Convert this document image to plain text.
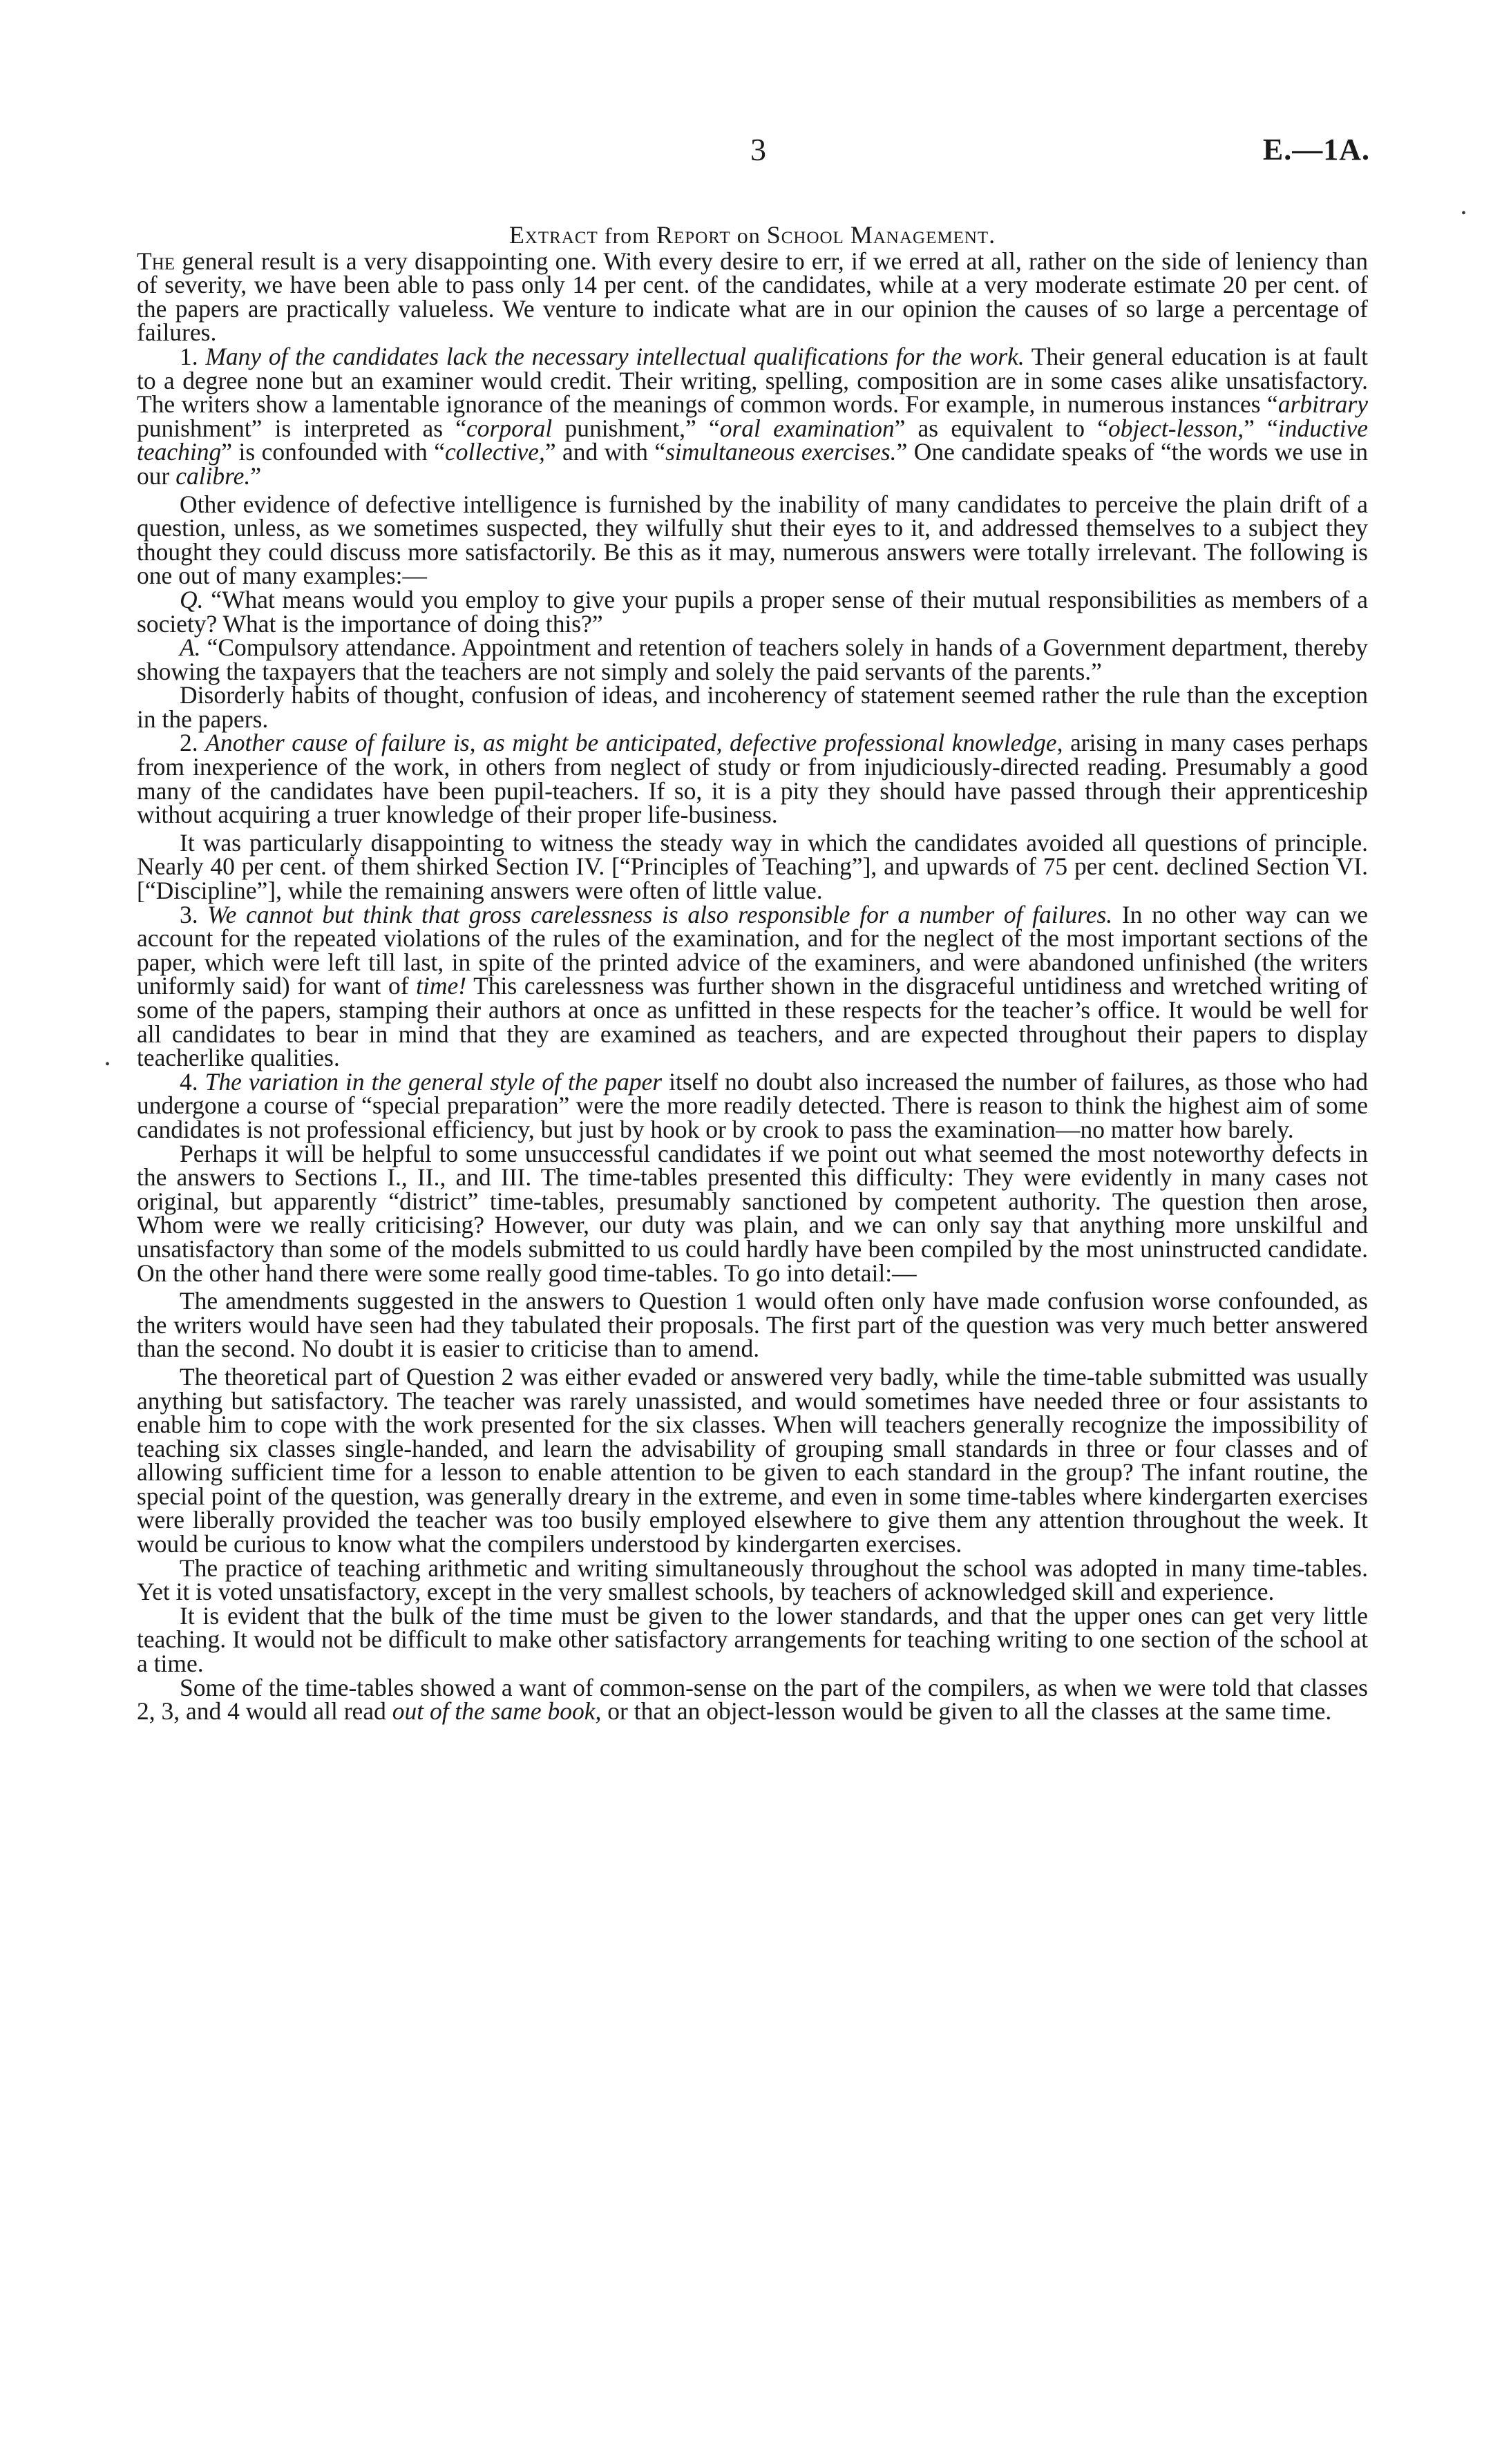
3	E.—1A.
Extract from Report on School Management.

The general result is a very disappointing one. With every desire to err, if we erred at all, rather on the side of leniency than of severity, we have been able to pass only 14 per cent. of the candidates, while at a very moderate estimate 20 per cent. of the papers are practically valueless. We venture to indicate what are in our opinion the causes of so large a percentage of failures.

1. Many of the candidates lack the necessary intellectual qualifications for the work. Their general education is at fault to a degree none but an examiner would credit. Their writing, spelling, composition are in some cases alike unsatisfactory. The writers show a lamentable ignorance of the meanings of common words. For example, in numerous instances “arbitrary punishment” is interpreted as “corporal punishment,” “oral examination” as equivalent to “object-lesson,” “inductive teaching” is confounded with “collective,” and with “simultaneous exercises.” One candidate speaks of “the words we use in our calibre.”

Other evidence of defective intelligence is furnished by the inability of many candidates to perceive the plain drift of a question, unless, as we sometimes suspected, they wilfully shut their eyes to it, and addressed themselves to a subject they thought they could discuss more satisfactorily. Be this as it may, numerous answers were totally irrelevant. The following is one out of many examples:—

Q. “What means would you employ to give your pupils a proper sense of their mutual responsibilities as members of a society? What is the importance of doing this?”

A. “Compulsory attendance. Appointment and retention of teachers solely in hands of a Government department, thereby showing the taxpayers that the teachers are not simply and solely the paid servants of the parents.”

Disorderly habits of thought, confusion of ideas, and incoherency of statement seemed rather the rule than the exception in the papers.

2. Another cause of failure is, as might be anticipated, defective professional knowledge, arising in many cases perhaps from inexperience of the work, in others from neglect of study or from injudiciously-directed reading. Presumably a good many of the candidates have been pupil-teachers. If so, it is a pity they should have passed through their apprenticeship without acquiring a truer knowledge of their proper life-business.

It was particularly disappointing to witness the steady way in which the candidates avoided all questions of principle. Nearly 40 per cent. of them shirked Section IV. [“Principles of Teaching”], and upwards of 75 per cent. declined Section VI. [“Discipline”], while the remaining answers were often of little value.

3. We cannot but think that gross carelessness is also responsible for a number of failures. In no other way can we account for the repeated violations of the rules of the examination, and for the neglect of the most important sections of the paper, which were left till last, in spite of the printed advice of the examiners, and were abandoned unfinished (the writers uniformly said) for want of time! This carelessness was further shown in the disgraceful untidiness and wretched writing of some of the papers, stamping their authors at once as unfitted in these respects for the teacher’s office. It would be well for all candidates to bear in mind that they are examined as teachers, and are expected throughout their papers to display teacherlike qualities.

4. The variation in the general style of the paper itself no doubt also increased the number of failures, as those who had undergone a course of “special preparation” were the more readily detected. There is reason to think the highest aim of some candidates is not professional efficiency, but just by hook or by crook to pass the examination—no matter how barely.

Perhaps it will be helpful to some unsuccessful candidates if we point out what seemed the most noteworthy defects in the answers to Sections I., II., and III. The time-tables presented this difficulty: They were evidently in many cases not original, but apparently “district” time-tables, presumably sanctioned by competent authority. The question then arose, Whom were we really criticising? However, our duty was plain, and we can only say that anything more unskilful and unsatisfactory than some of the models submitted to us could hardly have been compiled by the most uninstructed candidate. On the other hand there were some really good time-tables. To go into detail:—

The amendments suggested in the answers to Question 1 would often only have made confusion worse confounded, as the writers would have seen had they tabulated their proposals. The first part of the question was very much better answered than the second. No doubt it is easier to criticise than to amend.

The theoretical part of Question 2 was either evaded or answered very badly, while the time-table submitted was usually anything but satisfactory. The teacher was rarely unassisted, and would sometimes have needed three or four assistants to enable him to cope with the work presented for the six classes. When will teachers generally recognize the impossibility of teaching six classes single-handed, and learn the advisability of grouping small standards in three or four classes and of allowing sufficient time for a lesson to enable attention to be given to each standard in the group? The infant routine, the special point of the question, was generally dreary in the extreme, and even in some time-tables where kindergarten exercises were liberally provided the teacher was too busily employed elsewhere to give them any attention throughout the week. It would be curious to know what the compilers understood by kindergarten exercises.

The practice of teaching arithmetic and writing simultaneously throughout the school was adopted in many time-tables. Yet it is voted unsatisfactory, except in the very smallest schools, by teachers of acknowledged skill and experience.

It is evident that the bulk of the time must be given to the lower standards, and that the upper ones can get very little teaching. It would not be difficult to make other satisfactory arrangements for teaching writing to one section of the school at a time.

Some of the time-tables showed a want of common-sense on the part of the compilers, as when we were told that classes 2, 3, and 4 would all read out of the same book, or that an object-lesson would be given to all the classes at the same time.

•
•
